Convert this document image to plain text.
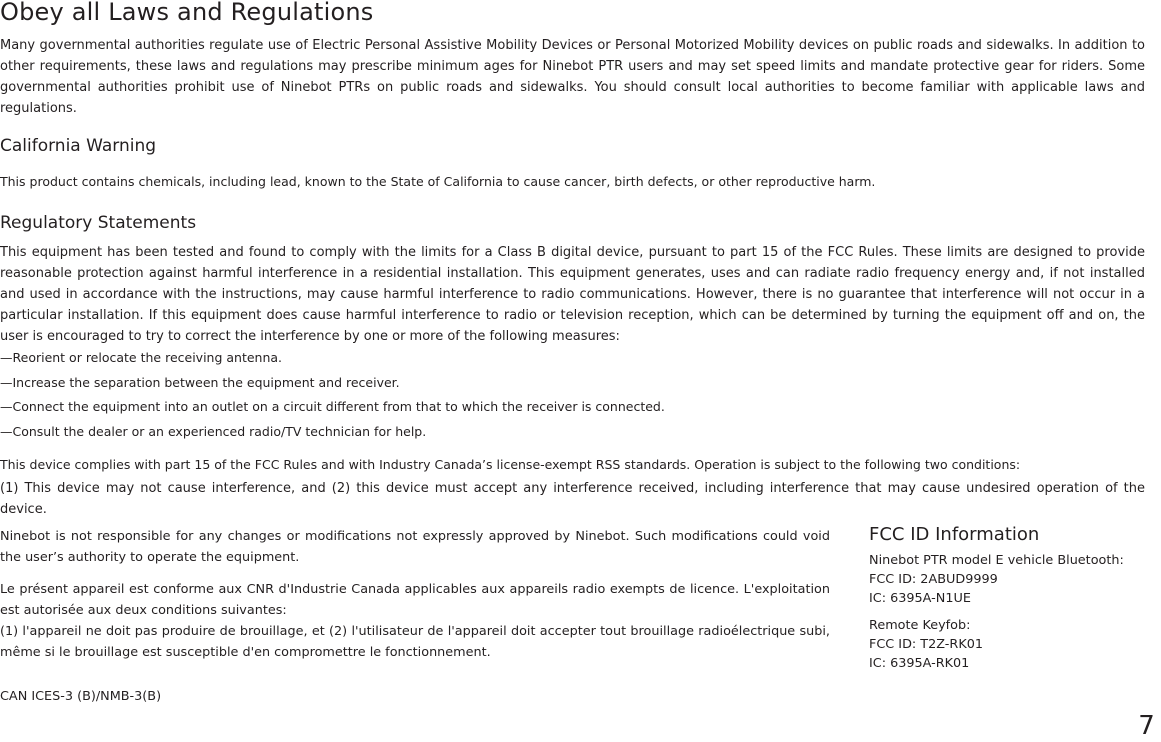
Obey all Laws and Regulations

Many governmental authorities regulate use of Electric Personal Assistive Mobility Devices or Personal Motorized Mobility devices on public roads and sidewalks. In addition to other requirements, these laws and regulations may prescribe minimum ages for Ninebot PTR users and may set speed limits and mandate protective gear for riders. Some governmental authorities prohibit use of Ninebot PTRs on public roads and sidewalks. You should consult local authorities to become familiar with applicable laws and regulations.

California Warning

This product contains chemicals, including lead, known to the State of California to cause cancer, birth defects, or other reproductive harm.

Regulatory Statements

This equipment has been tested and found to comply with the limits for a Class B digital device, pursuant to part 15 of the FCC Rules. These limits are designed to provide reasonable protection against harmful interference in a residential installation. This equipment generates, uses and can radiate radio frequency energy and, if not installed and used in accordance with the instructions, may cause harmful interference to radio communications. However, there is no guarantee that interference will not occur in a particular installation. If this equipment does cause harmful interference to radio or television reception, which can be determined by turning the equipment off and on, the user is encouraged to try to correct the interference by one or more of the following measures:

—Reorient or relocate the receiving antenna.

—Increase the separation between the equipment and receiver.

—Connect the equipment into an outlet on a circuit different from that to which the receiver is connected.

—Consult the dealer or an experienced radio/TV technician for help.

This device complies with part 15 of the FCC Rules and with Industry Canada’s license-exempt RSS standards. Operation is subject to the following two conditions:

(1) This device may not cause interference, and (2) this device must accept any interference received, including interference that may cause undesired operation of the device.

Ninebot is not responsible for any changes or modifications not expressly approved by Ninebot. Such modifications could void the user’s authority to operate the equipment.

Le présent appareil est conforme aux CNR d'Industrie Canada applicables aux appareils radio exempts de licence. L'exploitation est autorisée aux deux conditions suivantes:

(1) l'appareil ne doit pas produire de brouillage, et (2) l'utilisateur de l'appareil doit accepter tout brouillage radioélectrique subi, même si le brouillage est susceptible d'en compromettre le fonctionnement.

CAN ICES-3 (B)/NMB-3(B)

FCC ID Information

Ninebot PTR model E vehicle Bluetooth:

FCC ID: 2ABUD9999

IC: 6395A-N1UE

Remote Keyfob:

FCC ID: T2Z-RK01

IC: 6395A-RK01

7
